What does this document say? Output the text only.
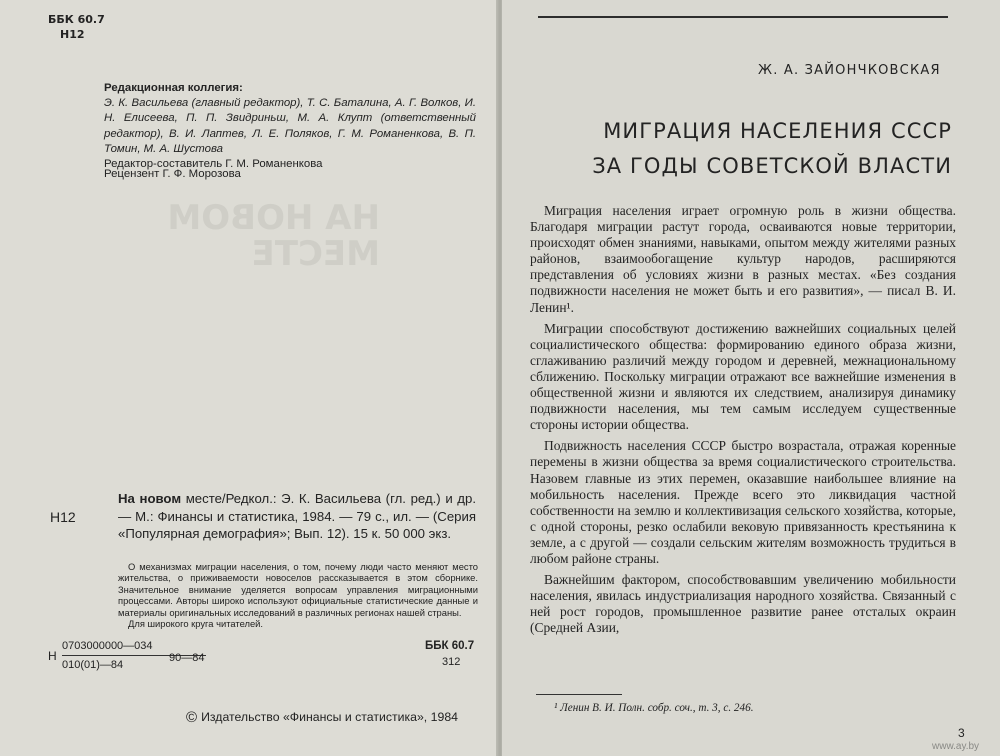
ББК 60.7
Н12
Редакционная коллегия:
Э. К. Васильева (главный редактор), Т. С. Баталина, А. Г. Волков, И. Н. Елисеева, П. П. Звидриньш, М. А. Клупт (ответственный редактор), В. И. Лаптев, Л. Е. Поляков, Г. М. Романенкова, В. П. Томин, М. А. Шустова
Редактор-составитель Г. М. Романенкова
Рецензент Г. Ф. Морозова
НА НОВОМ
МЕСТЕ
Н12
На новом месте/Редкол.: Э. К. Васильева (гл. ред.) и др. — М.: Финансы и статистика, 1984. — 79 с., ил. — (Серия «Популярная демография»; Вып. 12). 15 к. 50 000 экз.
О механизмах миграции населения, о том, почему люди часто меняют место жительства, о приживаемости новоселов рассказывается в этом сборнике. Значительное внимание уделяется вопросам управления миграционными процессами. Авторы широко используют официальные статистические данные и материалы оригинальных исследований в различных регионах нашей страны.
Для широкого круга читателей.
Н
0703000000—034
010(01)—84
90—84
ББК 60.7
312
© Издательство «Финансы и статистика», 1984
Ж. А. ЗАЙОНЧКОВСКАЯ
МИГРАЦИЯ НАСЕЛЕНИЯ СССР
ЗА ГОДЫ СОВЕТСКОЙ ВЛАСТИ

Миграция населения играет огромную роль в жизни общества. Благодаря миграции растут города, осваиваются новые территории, происходят обмен знаниями, навыками, опытом между жителями разных районов, взаимообогащение культур народов, расширяются представления об условиях жизни в разных местах. «Без создания подвижности населения не может быть и его развития», — писал В. И. Ленин¹.

Миграции способствуют достижению важнейших социальных целей социалистического общества: формированию единого образа жизни, сглаживанию различий между городом и деревней, межнациональному сближению. Поскольку миграции отражают все важнейшие изменения в общественной жизни и являются их следствием, анализируя динамику подвижности населения, мы тем самым исследуем существенные стороны истории общества.

Подвижность населения СССР быстро возрастала, отражая коренные перемены в жизни общества за время социалистического строительства. Назовем главные из этих перемен, оказавшие наибольшее влияние на мобильность населения. Прежде всего это ликвидация частной собственности на землю и коллективизация сельского хозяйства, которые, с одной стороны, резко ослабили вековую привязанность крестьянина к земле, а с другой — создали сельским жителям возможность трудиться в любом районе страны.

Важнейшим фактором, способствовавшим увеличению мобильности населения, явилась индустриализация народного хозяйства. Связанный с ней рост городов, промышленное развитие ранее отсталых окраин (Средней Азии,

¹ Ленин В. И. Полн. собр. соч., т. 3, с. 246.
3
www.ay.by
